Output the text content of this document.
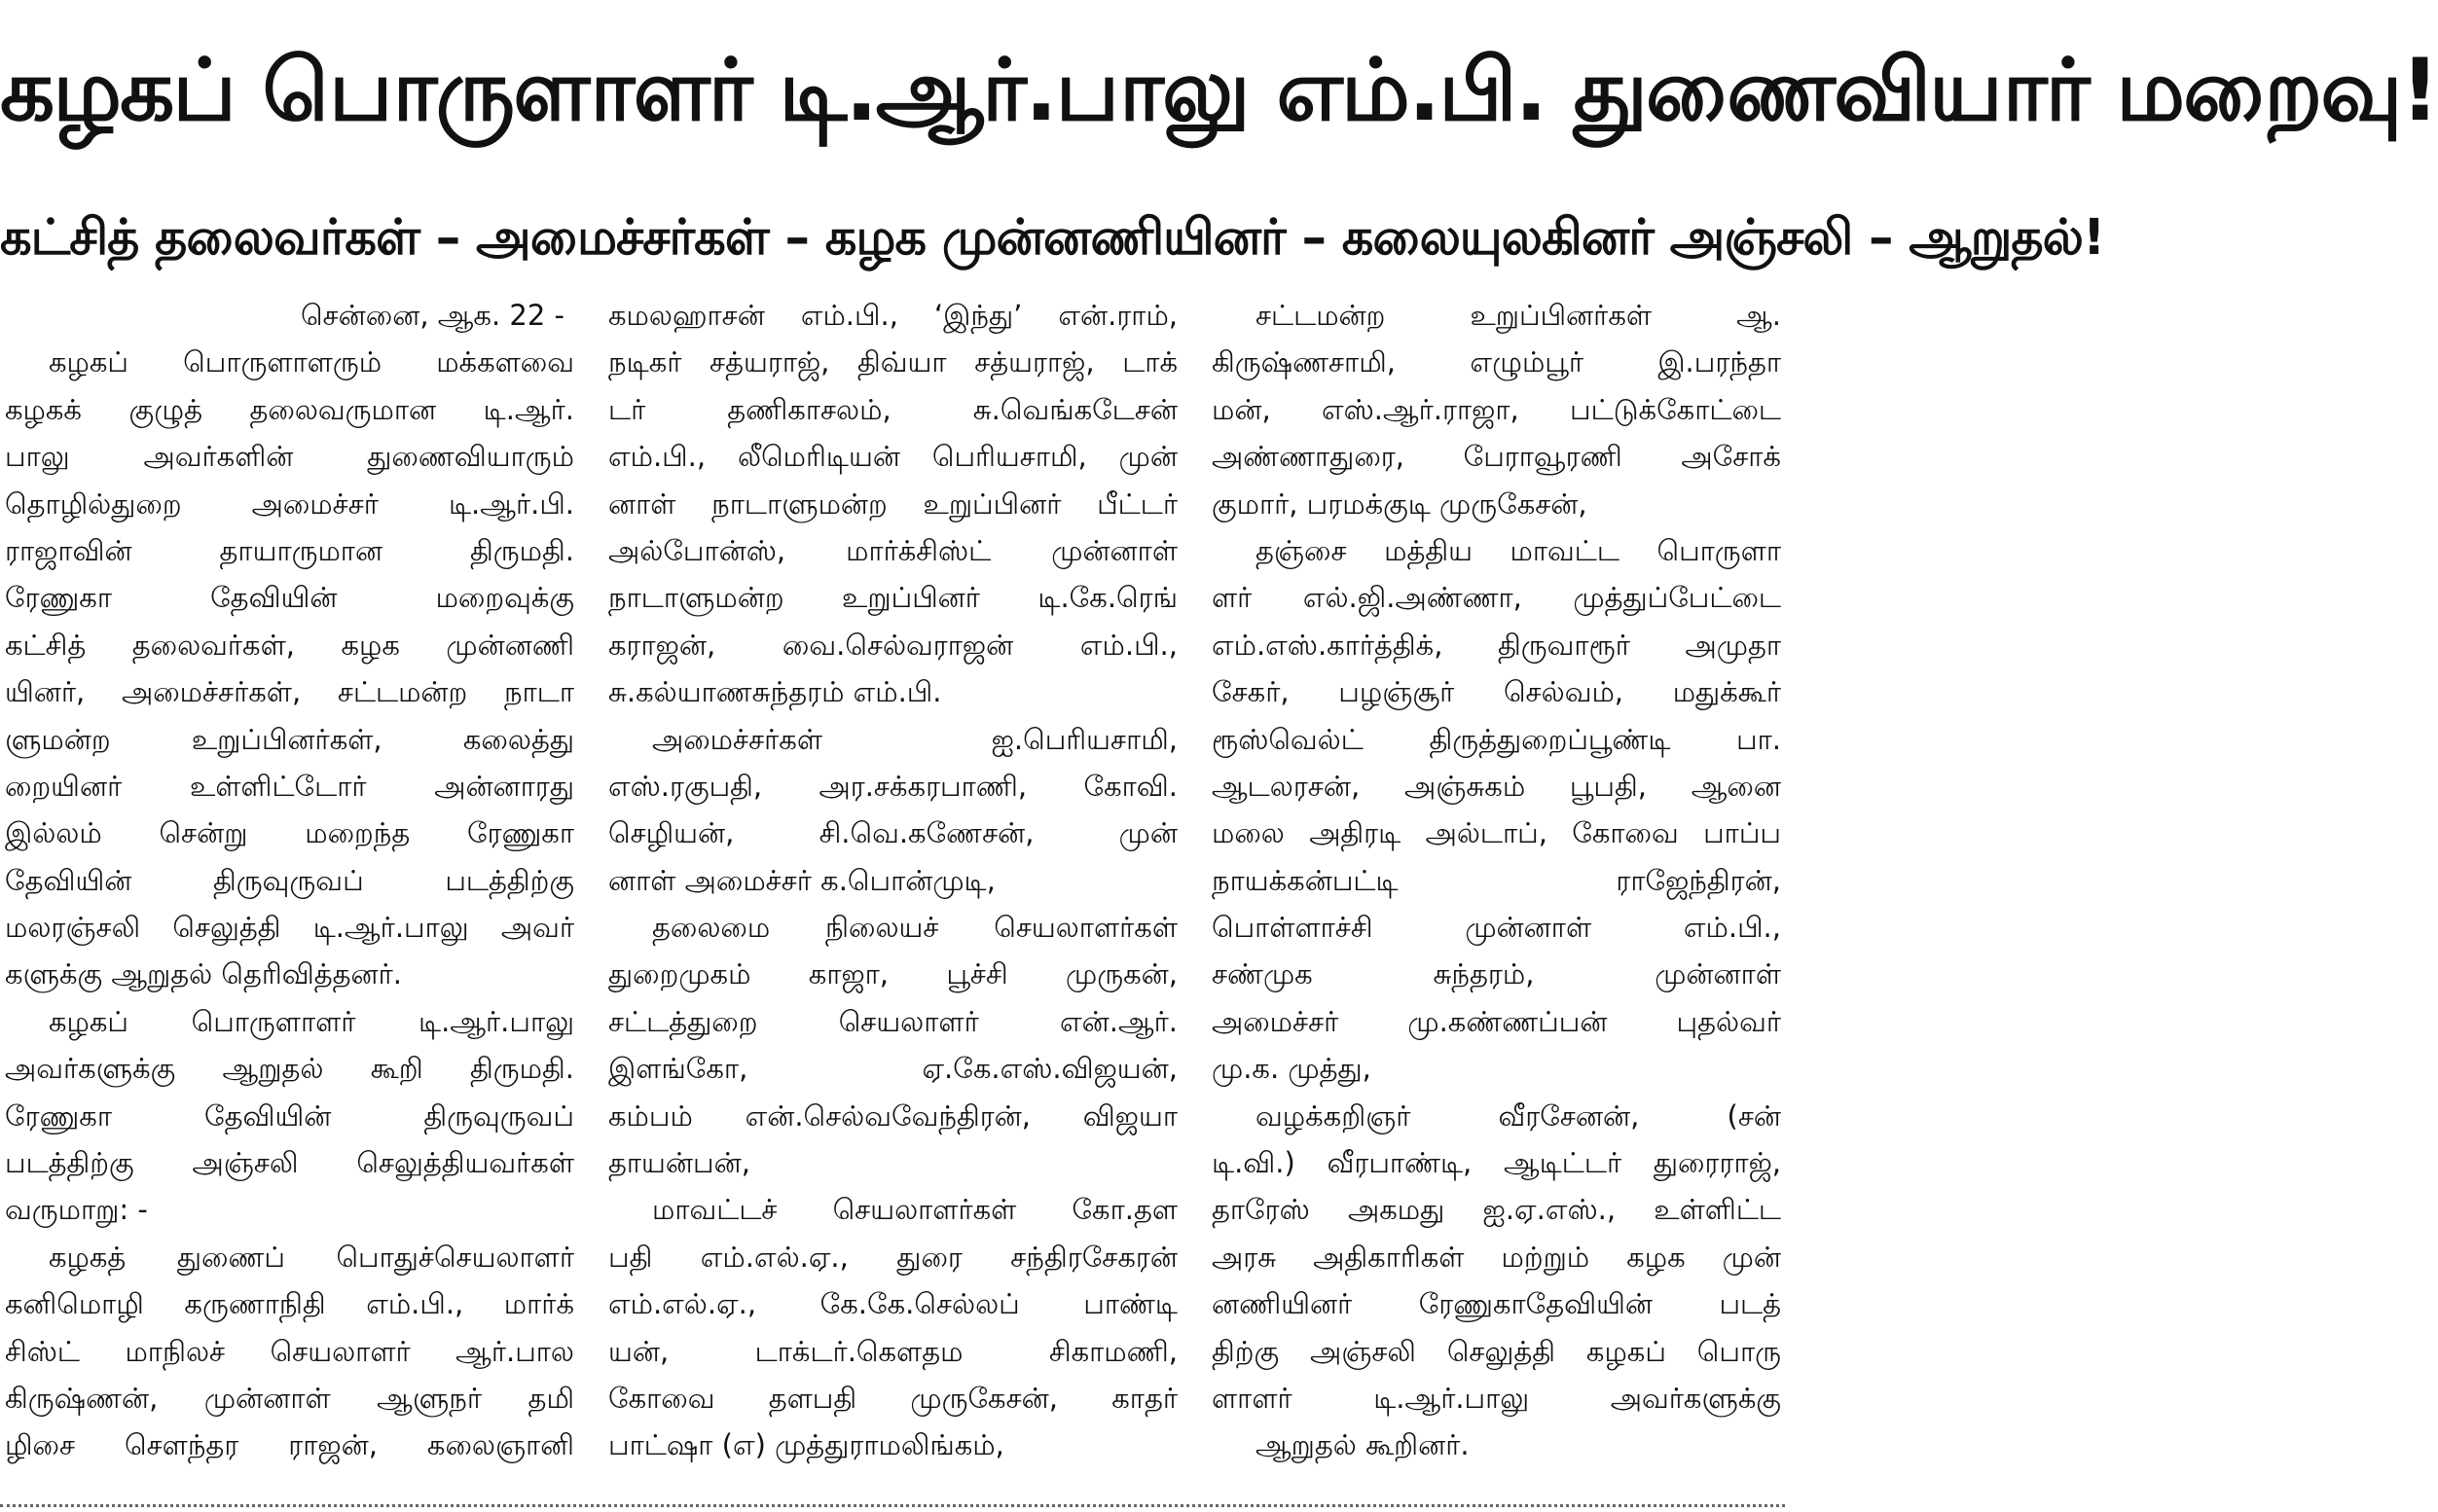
கழகப் பொருளாளர் டி.ஆர்.பாலு எம்.பி. துணைவியார் மறைவு!
கட்சித் தலைவர்கள் – அமைச்சர்கள் – கழக முன்னணியினர் – கலையுலகினர் அஞ்சலி – ஆறுதல்!
சென்னை, ஆக. 22 -
கழகப் பொருளாளரும் மக்களவை
கழகக் குழுத் தலைவருமான டி.ஆர்.
பாலு அவர்களின் துணைவியாரும்
தொழில்துறை அமைச்சர் டி.ஆர்.பி.
ராஜாவின் தாயாருமான திருமதி.
ரேணுகா தேவியின் மறைவுக்கு
கட்சித் தலைவர்கள், கழக முன்னணி
யினர், அமைச்சர்கள், சட்டமன்ற நாடா
ளுமன்ற உறுப்பினர்கள், கலைத்து
றையினர் உள்ளிட்டோர் அன்னாரது
இல்லம் சென்று மறைந்த ரேணுகா
தேவியின் திருவுருவப் படத்திற்கு
மலரஞ்சலி செலுத்தி டி.ஆர்.பாலு அவர்
களுக்கு ஆறுதல் தெரிவித்தனர்.
கழகப் பொருளாளர் டி.ஆர்.பாலு
அவர்களுக்கு ஆறுதல் கூறி திருமதி.
ரேணுகா தேவியின் திருவுருவப்
படத்திற்கு அஞ்சலி செலுத்தியவர்கள்
வருமாறு: -
கழகத் துணைப் பொதுச்செயலாளர்
கனிமொழி கருணாநிதி எம்.பி., மார்க்
சிஸ்ட் மாநிலச் செயலாளர் ஆர்.பால
கிருஷ்ணன், முன்னாள் ஆளுநர் தமி
ழிசை சௌந்தர ராஜன், கலைஞானி
கமலஹாசன் எம்.பி., ‘இந்து’ என்.ராம்,
நடிகர் சத்யராஜ், திவ்யா சத்யராஜ், டாக்
டர் தணிகாசலம், சு.வெங்கடேசன்
எம்.பி., லீமெரிடியன் பெரியசாமி, முன்
னாள் நாடாளுமன்ற உறுப்பினர் பீட்டர்
அல்போன்ஸ், மார்க்சிஸ்ட் முன்னாள்
நாடாளுமன்ற உறுப்பினர் டி.கே.ரெங்
கராஜன், வை.செல்வராஜன் எம்.பி.,
சு.கல்யாணசுந்தரம் எம்.பி.
அமைச்சர்கள் ஐ.பெரியசாமி,
எஸ்.ரகுபதி, அர.சக்கரபாணி, கோவி.
செழியன், சி.வெ.கணேசன், முன்
னாள் அமைச்சர் க.பொன்முடி,
தலைமை நிலையச் செயலாளர்கள்
துறைமுகம் காஜா, பூச்சி முருகன்,
சட்டத்துறை செயலாளர் என்.ஆர்.
இளங்கோ, ஏ.கே.எஸ்.விஜயன்,
கம்பம் என்.செல்வவேந்திரன், விஜயா
தாயன்பன்,
மாவட்டச் செயலாளர்கள் கோ.தள
பதி எம்.எல்.ஏ., துரை சந்திரசேகரன்
எம்.எல்.ஏ., கே.கே.செல்லப் பாண்டி
யன், டாக்டர்.கௌதம சிகாமணி,
கோவை தளபதி முருகேசன், காதர்
பாட்ஷா (எ) முத்துராமலிங்கம்,
சட்டமன்ற உறுப்பினர்கள் ஆ.
கிருஷ்ணசாமி, எழும்பூர் இ.பரந்தா
மன், எஸ்.ஆர்.ராஜா, பட்டுக்கோட்டை
அண்ணாதுரை, பேராவூரணி அசோக்
குமார், பரமக்குடி முருகேசன்,
தஞ்சை மத்திய மாவட்ட பொருளா
ளர் எல்.ஜி.அண்ணா, முத்துப்பேட்டை
எம்.எஸ்.கார்த்திக், திருவாரூர் அமுதா
சேகர், பழஞ்சூர் செல்வம், மதுக்கூர்
ரூஸ்வெல்ட் திருத்துறைப்பூண்டி பா.
ஆடலரசன், அஞ்சுகம் பூபதி, ஆனை
மலை அதிரடி அல்டாப், கோவை பாப்ப
நாயக்கன்பட்டி ராஜேந்திரன்,
பொள்ளாச்சி முன்னாள் எம்.பி.,
சண்முக சுந்தரம், முன்னாள்
அமைச்சர் மு.கண்ணப்பன் புதல்வர்
மு.க. முத்து,
வழக்கறிஞர் வீரசேனன், (சன்
டி.வி.) வீரபாண்டி, ஆடிட்டர் துரைராஜ்,
தாரேஸ் அகமது ஐ.ஏ.எஸ்., உள்ளிட்ட
அரசு அதிகாரிகள் மற்றும் கழக முன்
னணியினர் ரேணுகாதேவியின் படத்
திற்கு அஞ்சலி செலுத்தி கழகப் பொரு
ளாளர் டி.ஆர்.பாலு அவர்களுக்கு
ஆறுதல் கூறினர்.
